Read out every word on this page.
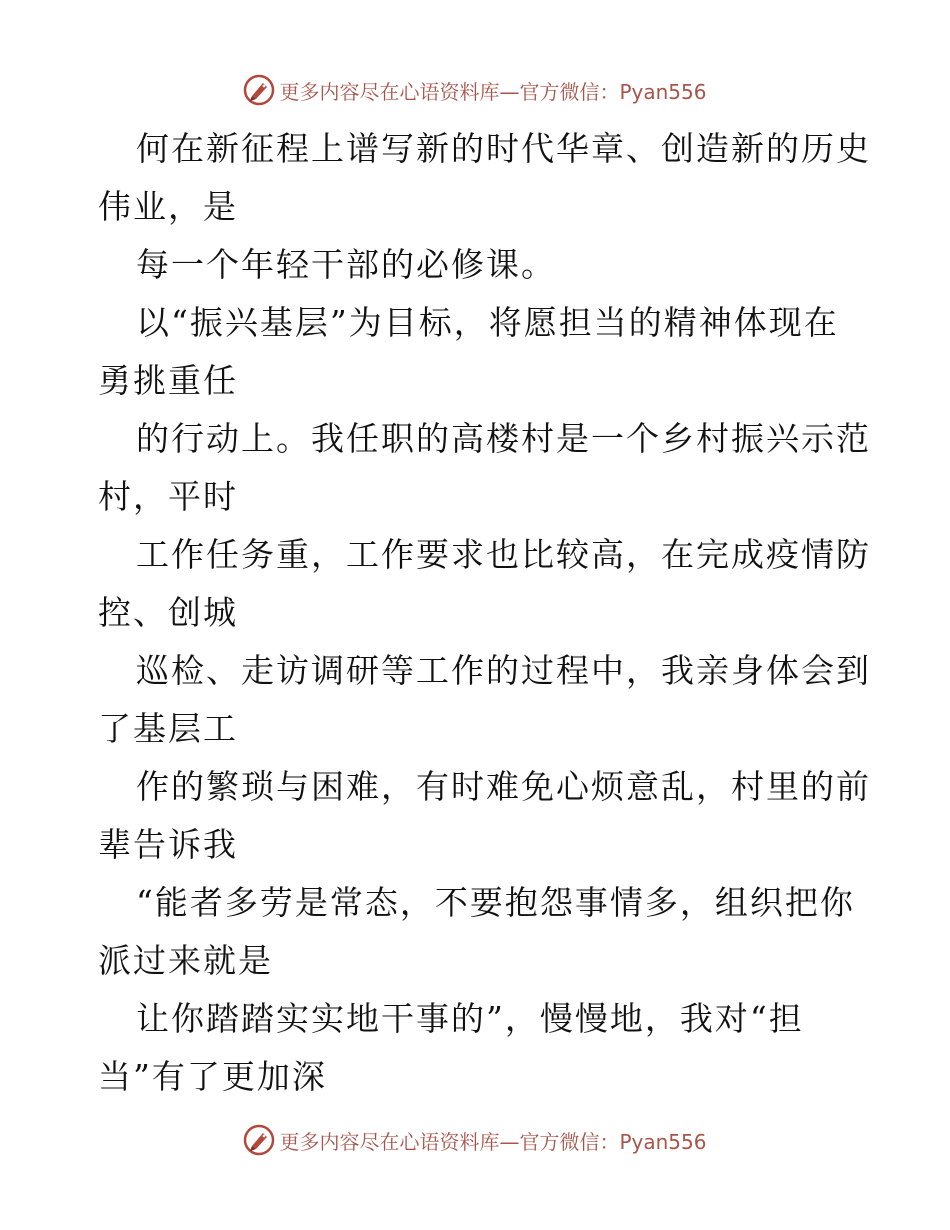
更多内容尽在心语资料库—官方微信：Pyan556
何在新征程上谱写新的时代华章、创造新的历史
伟业，是
每一个年轻干部的必修课。
以“振兴基层”为目标，将愿担当的精神体现在
勇挑重任
的行动上。我任职的高楼村是一个乡村振兴示范
村，平时
工作任务重，工作要求也比较高，在完成疫情防
控、创城
巡检、走访调研等工作的过程中，我亲身体会到
了基层工
作的繁琐与困难，有时难免心烦意乱，村里的前
辈告诉我
“能者多劳是常态，不要抱怨事情多，组织把你
派过来就是
让你踏踏实实地干事的”，慢慢地，我对“担
当”有了更加深
更多内容尽在心语资料库—官方微信：Pyan556
